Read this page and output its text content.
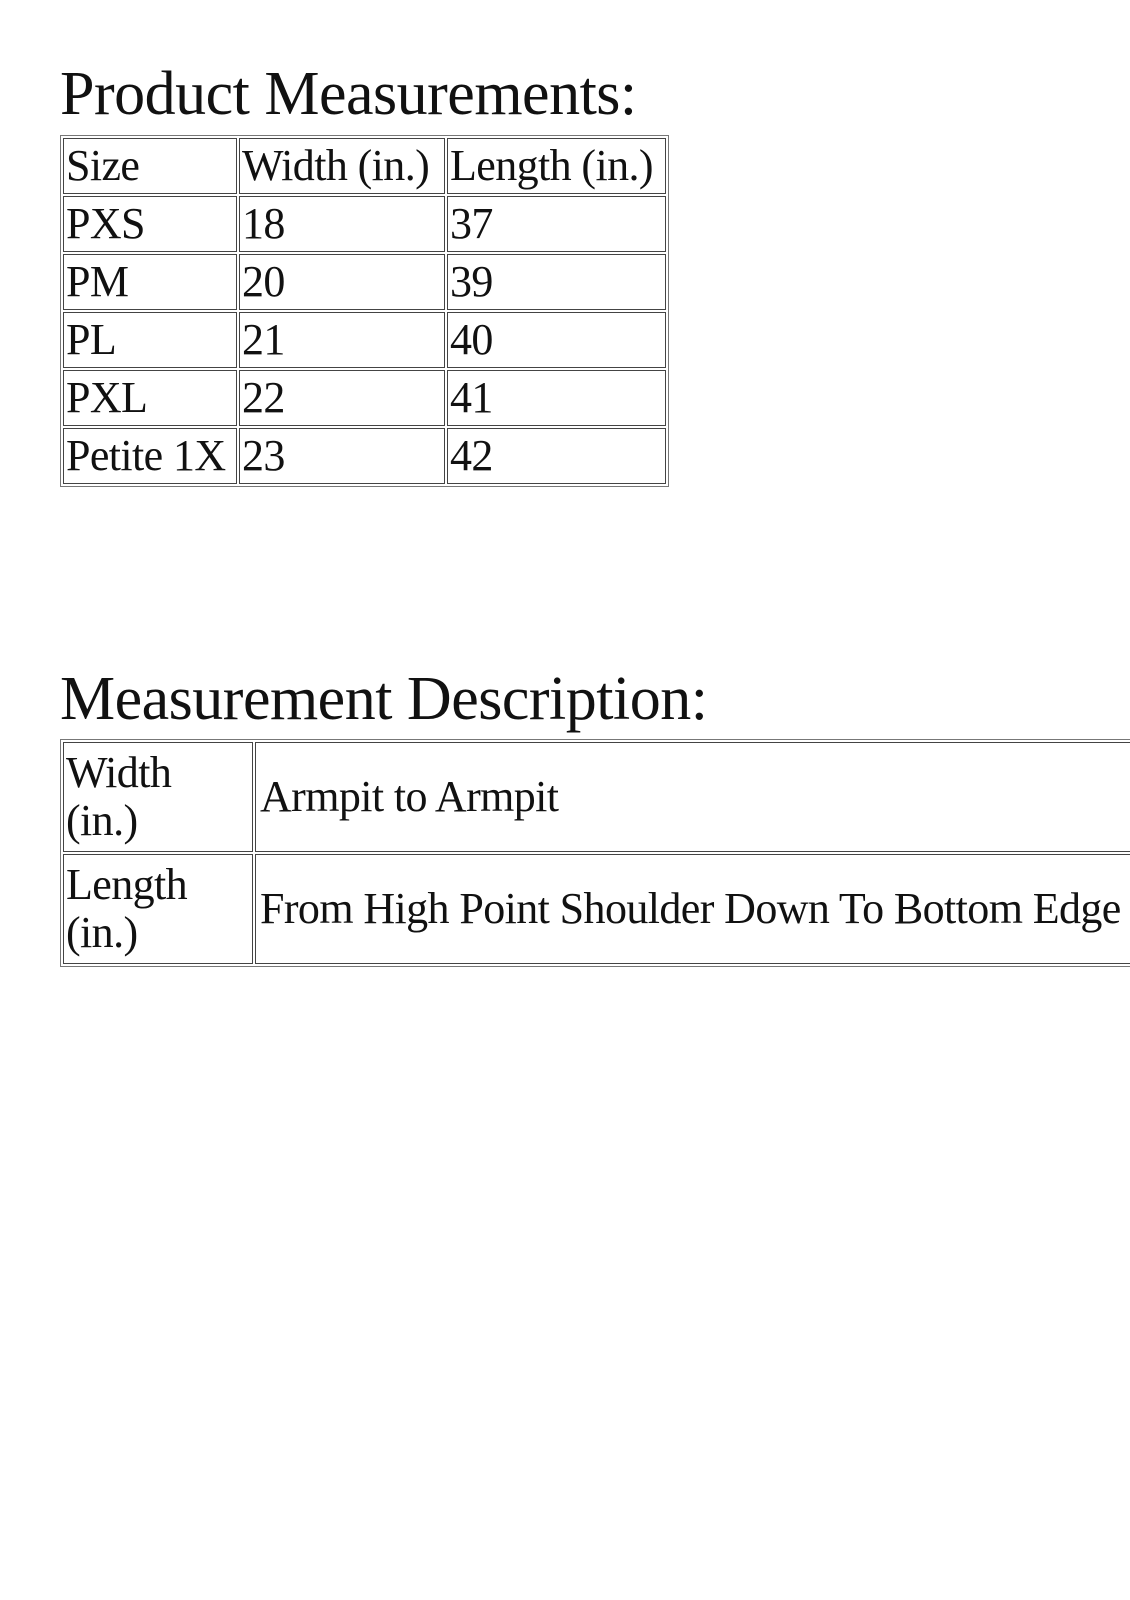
Product Measurements:
Size	Width (in.)	Length (in.)
PXS	18	37
PM	20	39
PL	21	40
PXL	22	41
Petite 1X	23	42
Measurement Description:
Width (in.)	Armpit to Armpit
Length (in.)	From High Point Shoulder Down To Bottom Edge
